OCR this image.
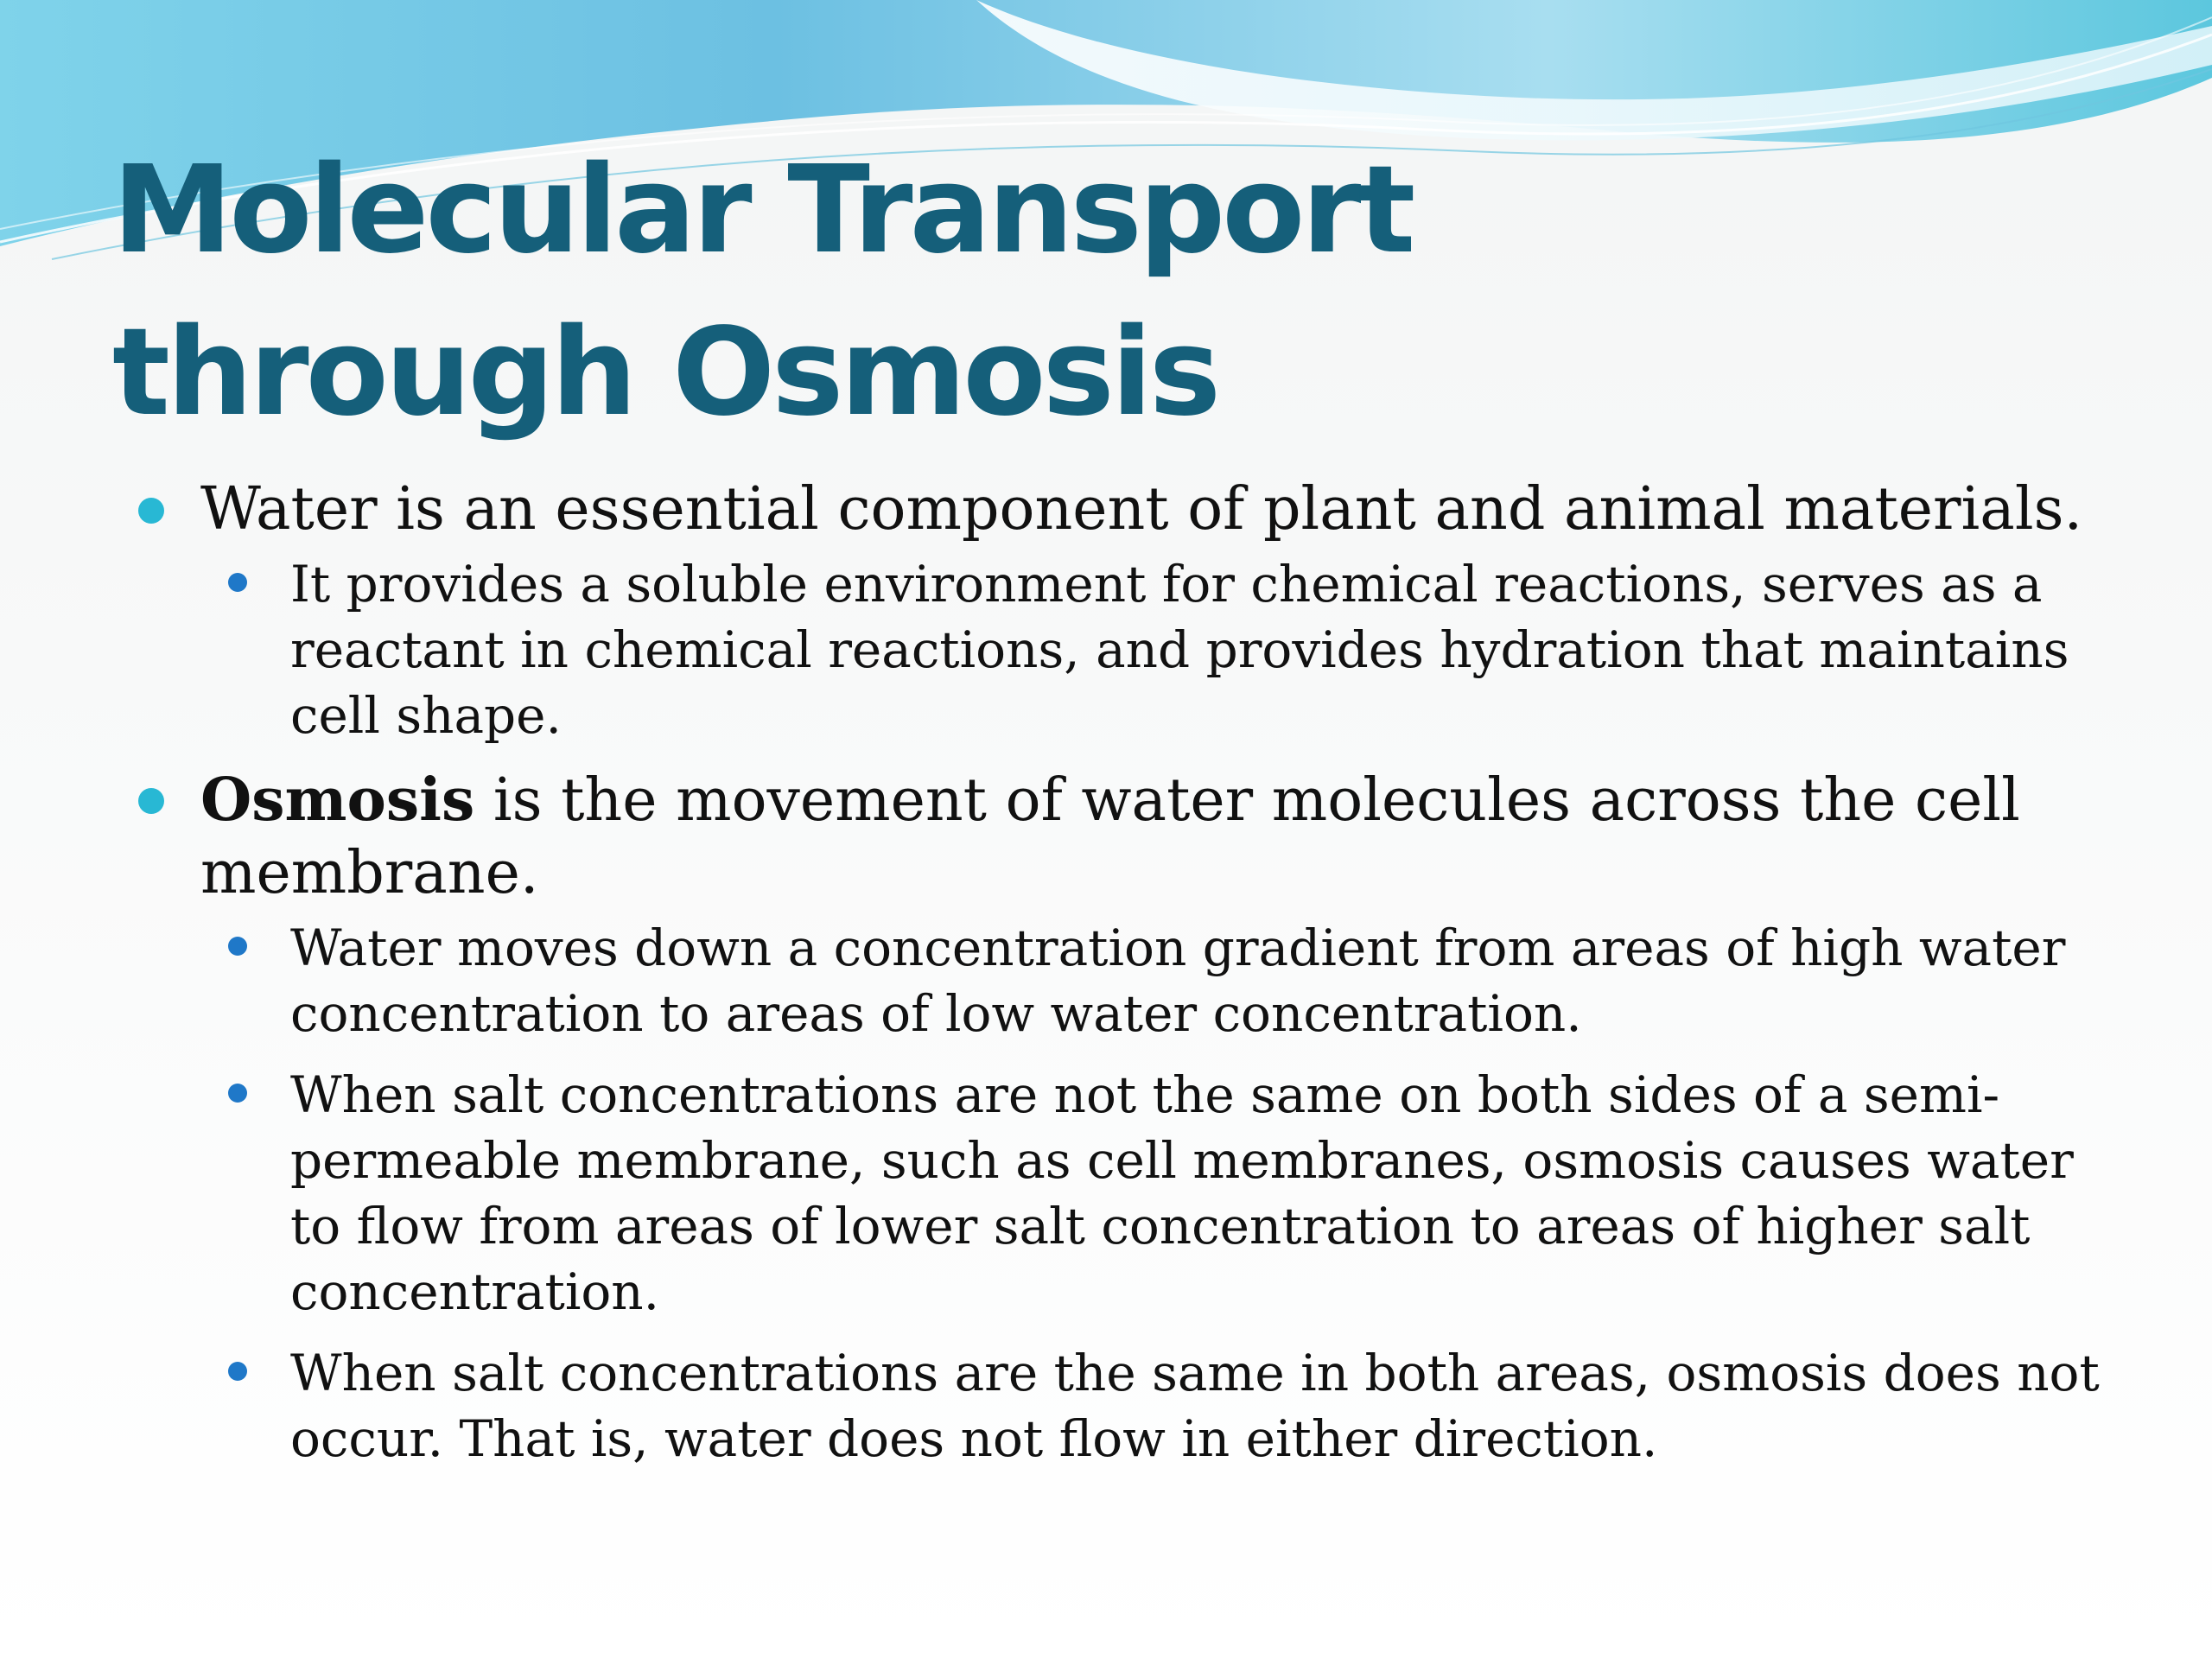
Molecular Transport through Osmosis
Water is an essential component of plant and animal materials.
It provides a soluble environment for chemical reactions, serves as a reactant in chemical reactions, and provides hydration that maintains cell shape.
Osmosis is the movement of water molecules across the cell membrane.
Water moves down a concentration gradient from areas of high water concentration to areas of low water concentration.
When salt concentrations are not the same on both sides of a semi-permeable membrane, such as cell membranes, osmosis causes water to flow from areas of lower salt concentration to areas of higher salt concentration.
When salt concentrations are the same in both areas, osmosis does not occur. That is, water does not flow in either direction.
